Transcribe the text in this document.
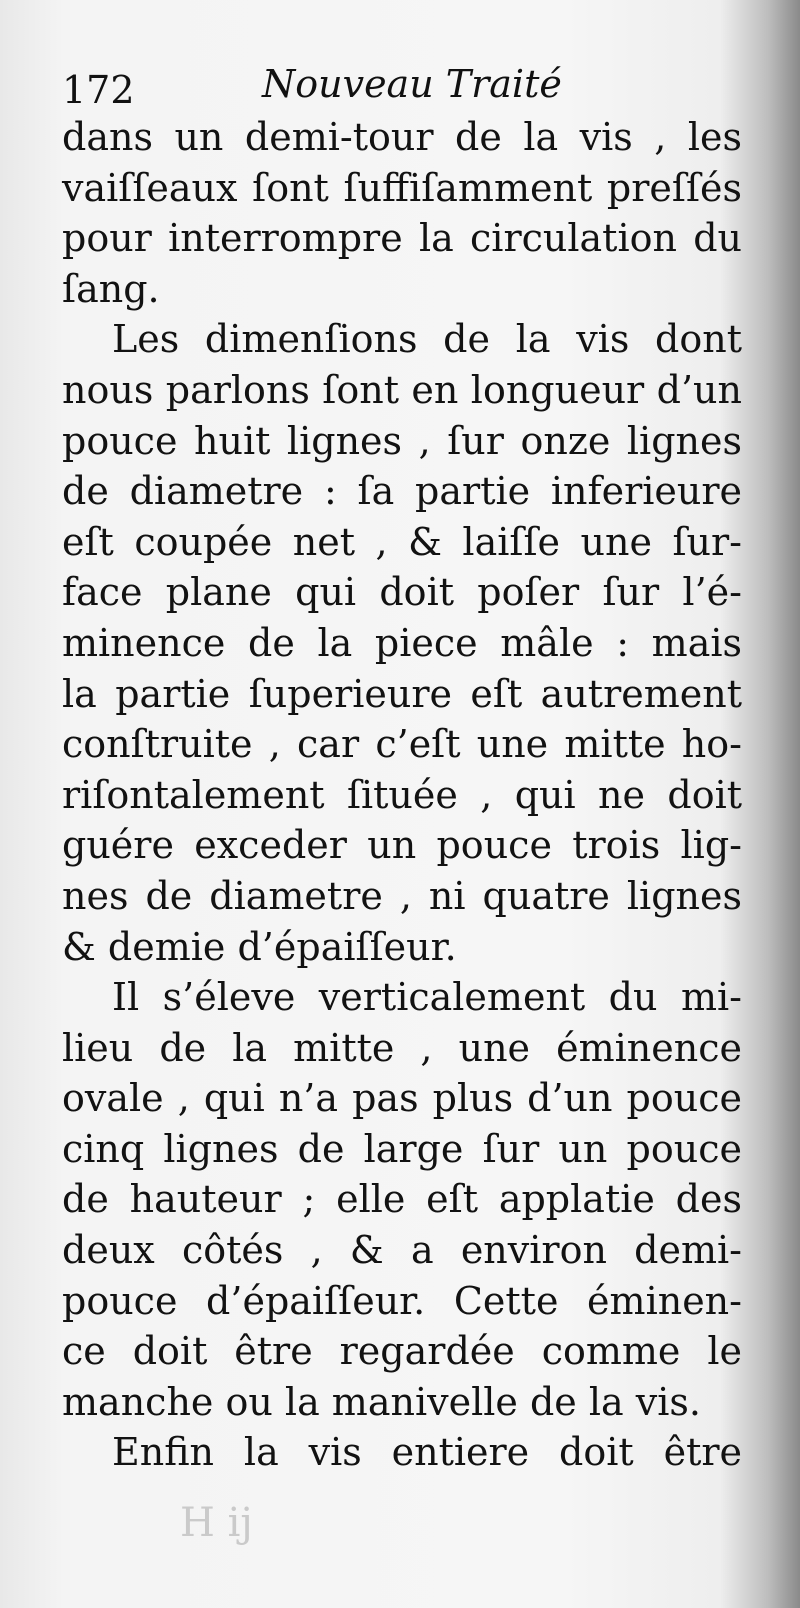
172	Nouveau Traité
dans un demi-tour de la vis , les
vaiſſeaux ſont ſuffiſamment preſſés
pour interrompre la circulation du
ſang.
Les dimenſions de la vis dont
nous parlons ſont en longueur d’un
pouce huit lignes , ſur onze lignes
de diametre : ſa partie inferieure
eſt coupée net , & laiſſe une ſur-
face plane qui doit poſer ſur l’é-
minence de la piece mâle : mais
la partie ſuperieure eſt autrement
conſtruite , car c’eſt une mitte ho-
riſontalement ſituée , qui ne doit
guére exceder un pouce trois lig-
nes de diametre , ni quatre lignes
& demie d’épaiſſeur.
Il s’éleve verticalement du mi-
lieu de la mitte , une éminence
ovale , qui n’a pas plus d’un pouce
cinq lignes de large ſur un pouce
de hauteur ; elle eſt applatie des
deux côtés , & a environ demi-
pouce d’épaiſſeur. Cette éminen-
ce doit être regardée comme le
manche ou la manivelle de la vis.
Enfin la vis entiere doit être
H ij
